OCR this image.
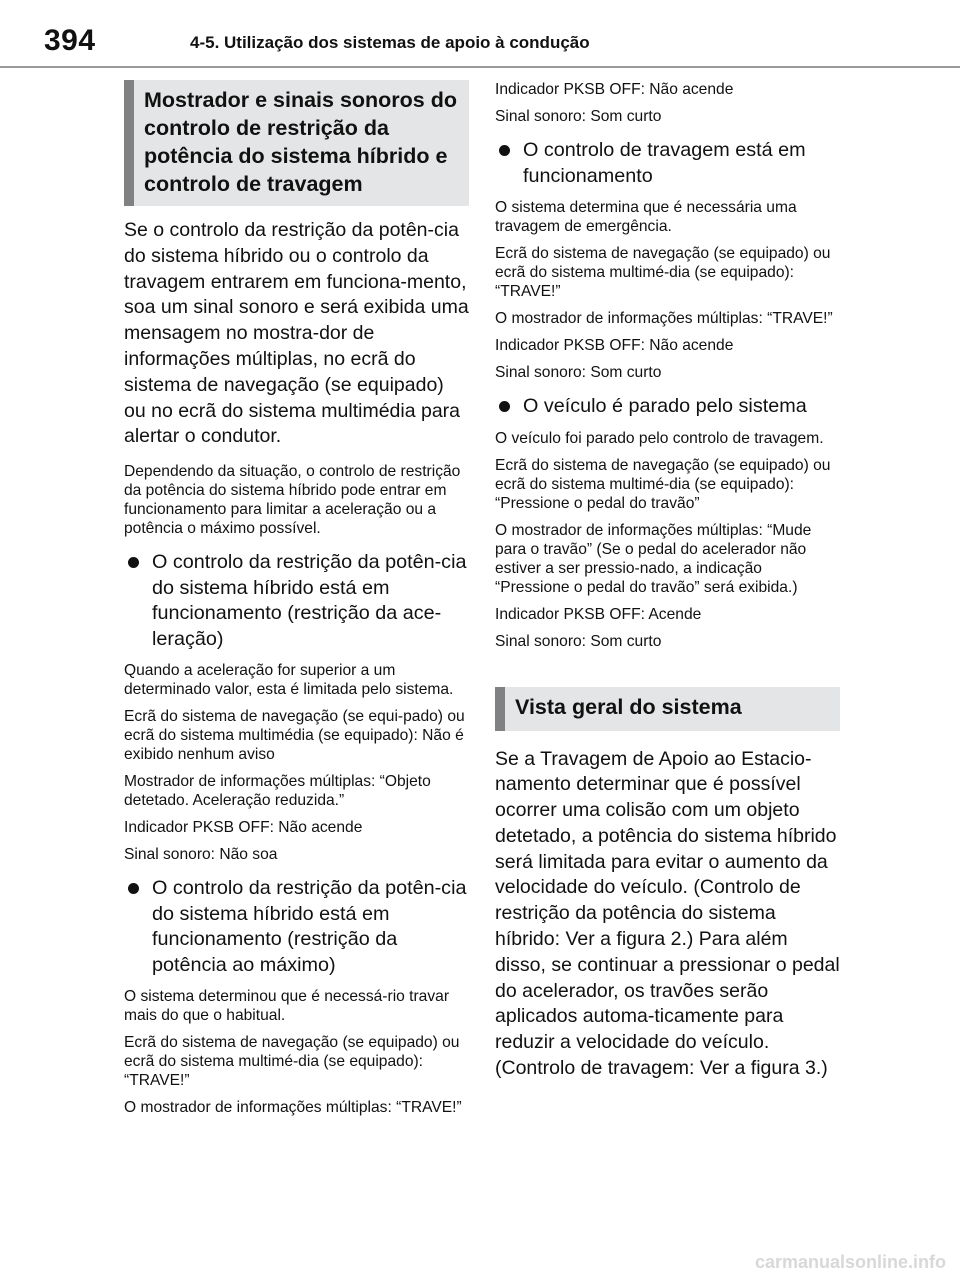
394	4-5. Utilização dos sistemas de apoio à condução
Mostrador e sinais sonoros do controlo de restrição da potência do sistema híbrido e controlo de travagem

Se o controlo da restrição da potên-cia do sistema híbrido ou o controlo da travagem entrarem em funciona-mento, soa um sinal sonoro e será exibida uma mensagem no mostra-dor de informações múltiplas, no ecrã do sistema de navegação (se equipado) ou no ecrã do sistema multimédia para alertar o condutor.

Dependendo da situação, o controlo de restrição da potência do sistema híbrido pode entrar em funcionamento para limitar a aceleração ou a potência o máximo possível.

O controlo da restrição da potên-cia do sistema híbrido está em funcionamento (restrição da ace-leração)

Quando a aceleração for superior a um determinado valor, esta é limitada pelo sistema.

Ecrã do sistema de navegação (se equi-pado) ou ecrã do sistema multimédia (se equipado): Não é exibido nenhum aviso

Mostrador de informações múltiplas: “Objeto detetado. Aceleração reduzida.”

Indicador PKSB OFF: Não acende

Sinal sonoro: Não soa

O controlo da restrição da potên-cia do sistema híbrido está em funcionamento (restrição da potência ao máximo)

O sistema determinou que é necessá-rio travar mais do que o habitual.

Ecrã do sistema de navegação (se equipado) ou ecrã do sistema multimé-dia (se equipado): “TRAVE!”

O mostrador de informações múltiplas: “TRAVE!”

Indicador PKSB OFF: Não acende

Sinal sonoro: Som curto

O controlo de travagem está em funcionamento

O sistema determina que é necessária uma travagem de emergência.

Ecrã do sistema de navegação (se equipado) ou ecrã do sistema multimé-dia (se equipado): “TRAVE!”

O mostrador de informações múltiplas: “TRAVE!”

Indicador PKSB OFF: Não acende

Sinal sonoro: Som curto

O veículo é parado pelo sistema

O veículo foi parado pelo controlo de travagem.

Ecrã do sistema de navegação (se equipado) ou ecrã do sistema multimé-dia (se equipado): “Pressione o pedal do travão”

O mostrador de informações múltiplas: “Mude para o travão” (Se o pedal do acelerador não estiver a ser pressio-nado, a indicação “Pressione o pedal do travão” será exibida.)

Indicador PKSB OFF: Acende

Sinal sonoro: Som curto

Vista geral do sistema

Se a Travagem de Apoio ao Estacio-namento determinar que é possível ocorrer uma colisão com um objeto detetado, a potência do sistema híbrido será limitada para evitar o aumento da velocidade do veículo. (Controlo de restrição da potência do sistema híbrido: Ver a figura 2.) Para além disso, se continuar a pressionar o pedal do acelerador, os travões serão aplicados automa-ticamente para reduzir a velocidade do veículo. (Controlo de travagem: Ver a figura 3.)

carmanualsonline.info
